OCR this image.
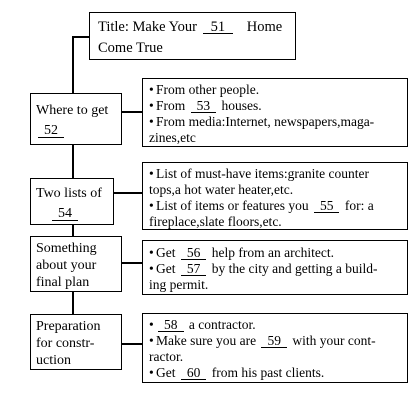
Title: Make Your 51 Home

Come True

Where to get

52

• From other people.

• From 53 houses.

• From media:Internet, newspapers,maga-

zines,etc

Two lists of

54

• List of must-have items:granite counter

tops,a hot water heater,etc.

• List of items or features you 55 for: a

fireplace,slate floors,etc.

Something

about your

final plan

• Get 56 help from an architect.

• Get 57 by the city and getting a build-

ing permit.

Preparation

for constr-

uction

• 58 a contractor.

• Make sure you are 59 with your cont-

ractor.

• Get 60 from his past clients.
